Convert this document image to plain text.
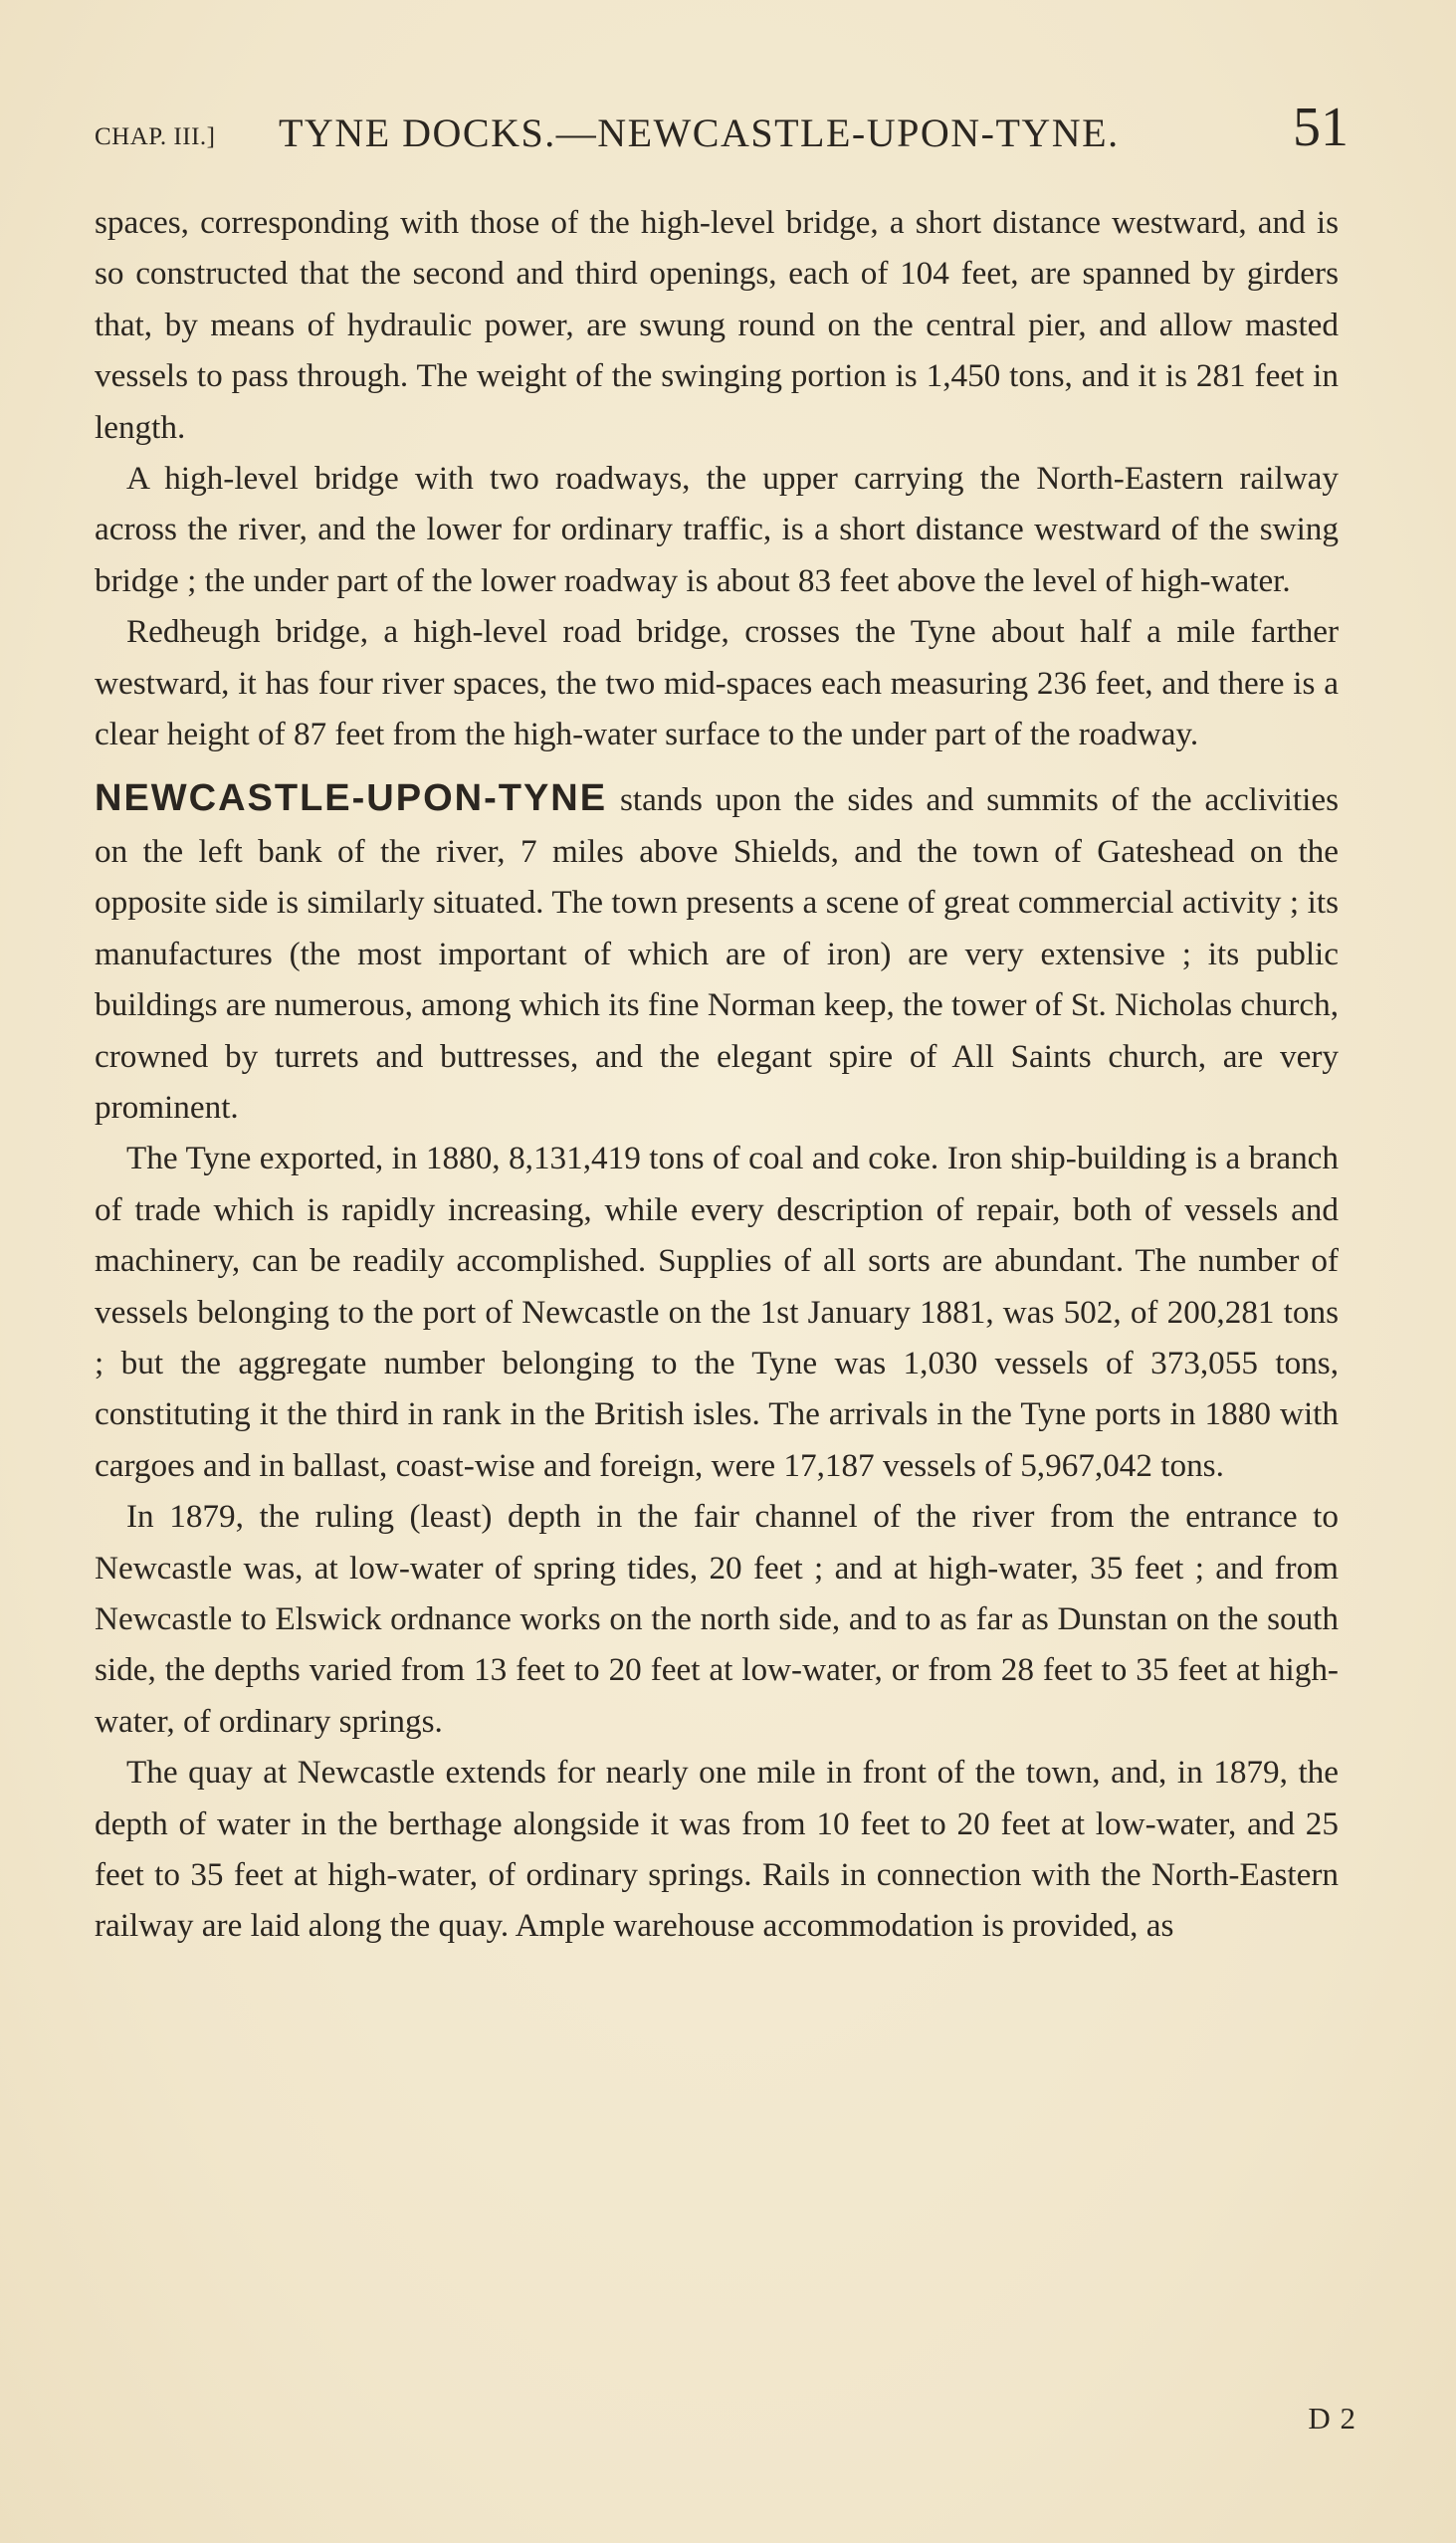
CHAP. III.] TYNE DOCKS.—NEWCASTLE-UPON-TYNE.	51

spaces, corresponding with those of the high-level bridge, a short distance westward, and is so constructed that the second and third openings, each of 104 feet, are spanned by girders that, by means of hydraulic power, are swung round on the central pier, and allow masted vessels to pass through. The weight of the swinging portion is 1,450 tons, and it is 281 feet in length.

A high-level bridge with two roadways, the upper carrying the North-Eastern railway across the river, and the lower for ordinary traffic, is a short distance westward of the swing bridge ; the under part of the lower roadway is about 83 feet above the level of high-water.

Redheugh bridge, a high-level road bridge, crosses the Tyne about half a mile farther westward, it has four river spaces, the two mid-spaces each measuring 236 feet, and there is a clear height of 87 feet from the high-water surface to the under part of the roadway.

NEWCASTLE-UPON-TYNE stands upon the sides and summits of the acclivities on the left bank of the river, 7 miles above Shields, and the town of Gateshead on the opposite side is similarly situated. The town presents a scene of great commercial activity ; its manufactures (the most important of which are of iron) are very extensive ; its public buildings are numerous, among which its fine Norman keep, the tower of St. Nicholas church, crowned by turrets and buttresses, and the elegant spire of All Saints church, are very prominent.

The Tyne exported, in 1880, 8,131,419 tons of coal and coke. Iron ship-building is a branch of trade which is rapidly increasing, while every description of repair, both of vessels and machinery, can be readily accomplished. Supplies of all sorts are abundant. The number of vessels belonging to the port of Newcastle on the 1st January 1881, was 502, of 200,281 tons ; but the aggregate number belonging to the Tyne was 1,030 vessels of 373,055 tons, constituting it the third in rank in the British isles. The arrivals in the Tyne ports in 1880 with cargoes and in ballast, coast-wise and foreign, were 17,187 vessels of 5,967,042 tons.

In 1879, the ruling (least) depth in the fair channel of the river from the entrance to Newcastle was, at low-water of spring tides, 20 feet ; and at high-water, 35 feet ; and from Newcastle to Elswick ordnance works on the north side, and to as far as Dunstan on the south side, the depths varied from 13 feet to 20 feet at low-water, or from 28 feet to 35 feet at high-water, of ordinary springs.

The quay at Newcastle extends for nearly one mile in front of the town, and, in 1879, the depth of water in the berthage alongside it was from 10 feet to 20 feet at low-water, and 25 feet to 35 feet at high-water, of ordinary springs. Rails in connection with the North-Eastern railway are laid along the quay. Ample warehouse accommodation is provided, as

D 2
